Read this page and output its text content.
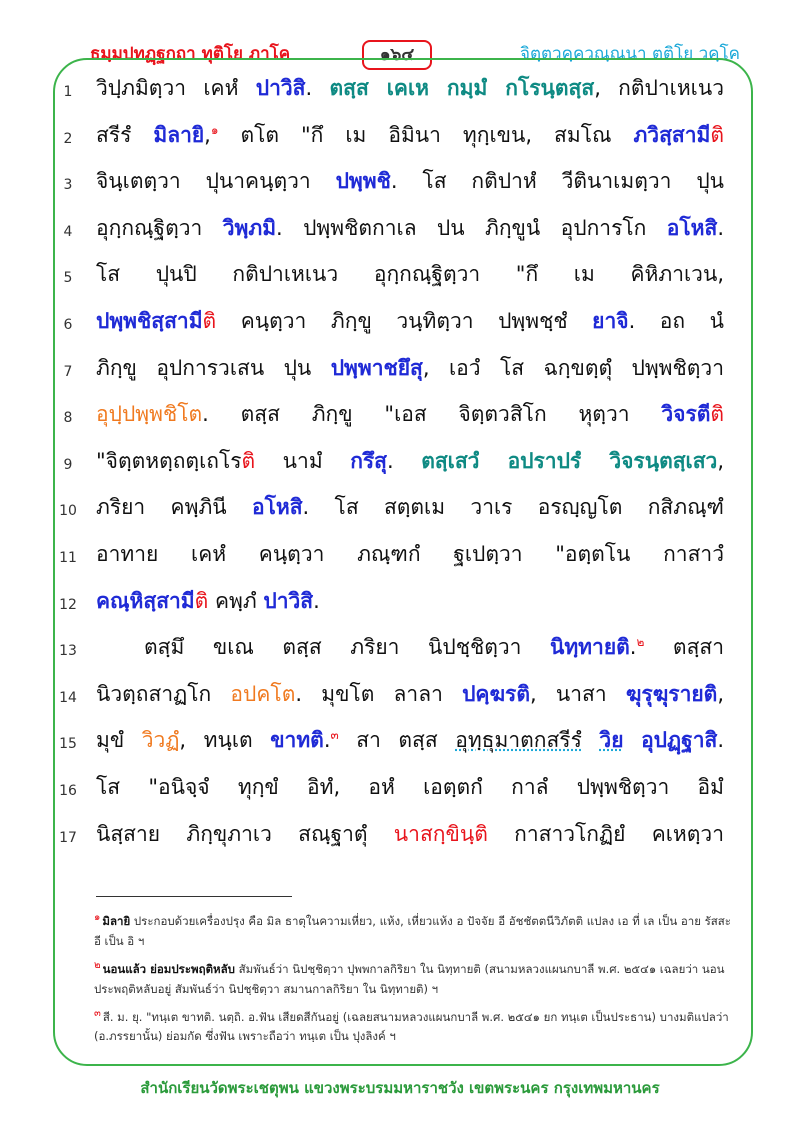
ธมฺมปทฏฺฐกถา ทุติโย ภาโค	๑๖๔	จิตฺตวคฺควณฺณนา ตติโย วคฺโค
1	วิปฺภมิตฺวา เคหํ ปาวิสิ. ตสฺส เคเห กมฺมํ กโรนฺตสฺส, กติปาเหเนว
2	สรีรํ มิลายิ,$^๑$ ตโต "กึ เม อิมินา ทุกฺเขน, สมโณ ภวิสฺสามีติ
3	จินฺเตตฺวา ปุนาคนฺตฺวา ปพฺพชิ. โส กติปาหํ วีตินาเมตฺวา ปุน
4	อุกฺกณฺฐิตฺวา วิพฺภมิ. ปพฺพชิตกาเล ปน ภิกฺขูนํ อุปการโก อโหสิ.
5	โส ปุนปิ กติปาเหเนว อุกฺกณฺฐิตฺวา "กึ เม คิหิภาเวน,
6	ปพฺพชิสฺสามีติ คนฺตฺวา ภิกฺขู วนฺทิตฺวา ปพฺพชฺชํ ยาจิ. อถ นํ
7	ภิกฺขู อุปการวเสน ปุน ปพฺพาชยึสุ, เอวํ โส ฉกฺขตฺตุํ ปพฺพชิตฺวา
8	อุปฺปพฺพชิโต. ตสฺส ภิกฺขู "เอส จิตฺตวสิโก หุตฺวา วิจรตีติ
9	"จิตฺตหตฺถตฺเถโรติ นามํ กรึสุ. ตสฺเสวํ อปราปรํ วิจรนฺตสฺเสว,
10 ภริยา คพฺภินี อโหสิ. โส สตฺตเม วาเร อรญฺญโต กสิภณฺฑํ
11 อาทาย เคหํ คนฺตฺวา ภณฺฑกํ ฐเปตฺวา "อตฺตโน กาสาวํ
12 คณฺหิสฺสามีติ คพฺภํ ปาวิสิ.
13	ตสฺมึ ขเณ ตสฺส ภริยา นิปชฺชิตฺวา นิทฺทายติ.$^๒$ ตสฺสา
14 นิวตฺถสาฏโก อปคโต. มุขโต ลาลา ปคฺฆรติ, นาสา ฆุรุฆุรายติ,
15 มุขํ วิวฏํ, ทนฺเต ขาทติ.$^๓$ สา ตสฺส อุทฺธุมาตกสรีรํ วิย อุปฏฺฐาสิ.
16 โส "อนิจฺจํ ทุกฺขํ อิทํ, อหํ เอตฺตกํ กาลํ ปพฺพชิตฺวา อิมํ
17 นิสฺสาย ภิกฺขุภาเว สณฺฐาตุํ นาสกฺขินฺติ กาสาวโกฏิยํ คเหตฺวา
๑ มิลายิ ประกอบด้วยเครื่องปรุง คือ มิล ธาตุในความเหี่ยว, แห้ง, เหี่ยวแห้ง อ ปัจจัย อี อัชชัตตนีวิภัตติ แปลง เอ ที่ เล เป็น อาย รัสสะ อี เป็น อิ ฯ
๒ นอนแล้ว ย่อมประพฤติหลับ สัมพันธ์ว่า นิปชฺชิตฺวา ปุพพกาลกิริยา ใน นิทฺทายติ (สนามหลวงแผนกบาลี พ.ศ. ๒๕๔๑ เฉลยว่า นอนประพฤติหลับอยู่ สัมพันธ์ว่า นิปชฺชิตฺวา สมานกาลกิริยา ใน นิทฺทายติ) ฯ
๓ สี. ม. ยุ. "ทนฺเต ขาทติ. นตฺถิ. อ.ฟัน เสียดสีกันอยู่ (เฉลยสนามหลวงแผนกบาลี พ.ศ. ๒๕๔๑ ยก ทนฺเต เป็นประธาน) บางมติแปลว่า (อ.ภรรยานั้น) ย่อมกัด ซึ่งฟัน เพราะถือว่า ทนฺเต เป็น ปุงลิงค์ ฯ
สำนักเรียนวัดพระเชตุพน แขวงพระบรมมหาราชวัง เขตพระนคร กรุงเทพมหานคร
